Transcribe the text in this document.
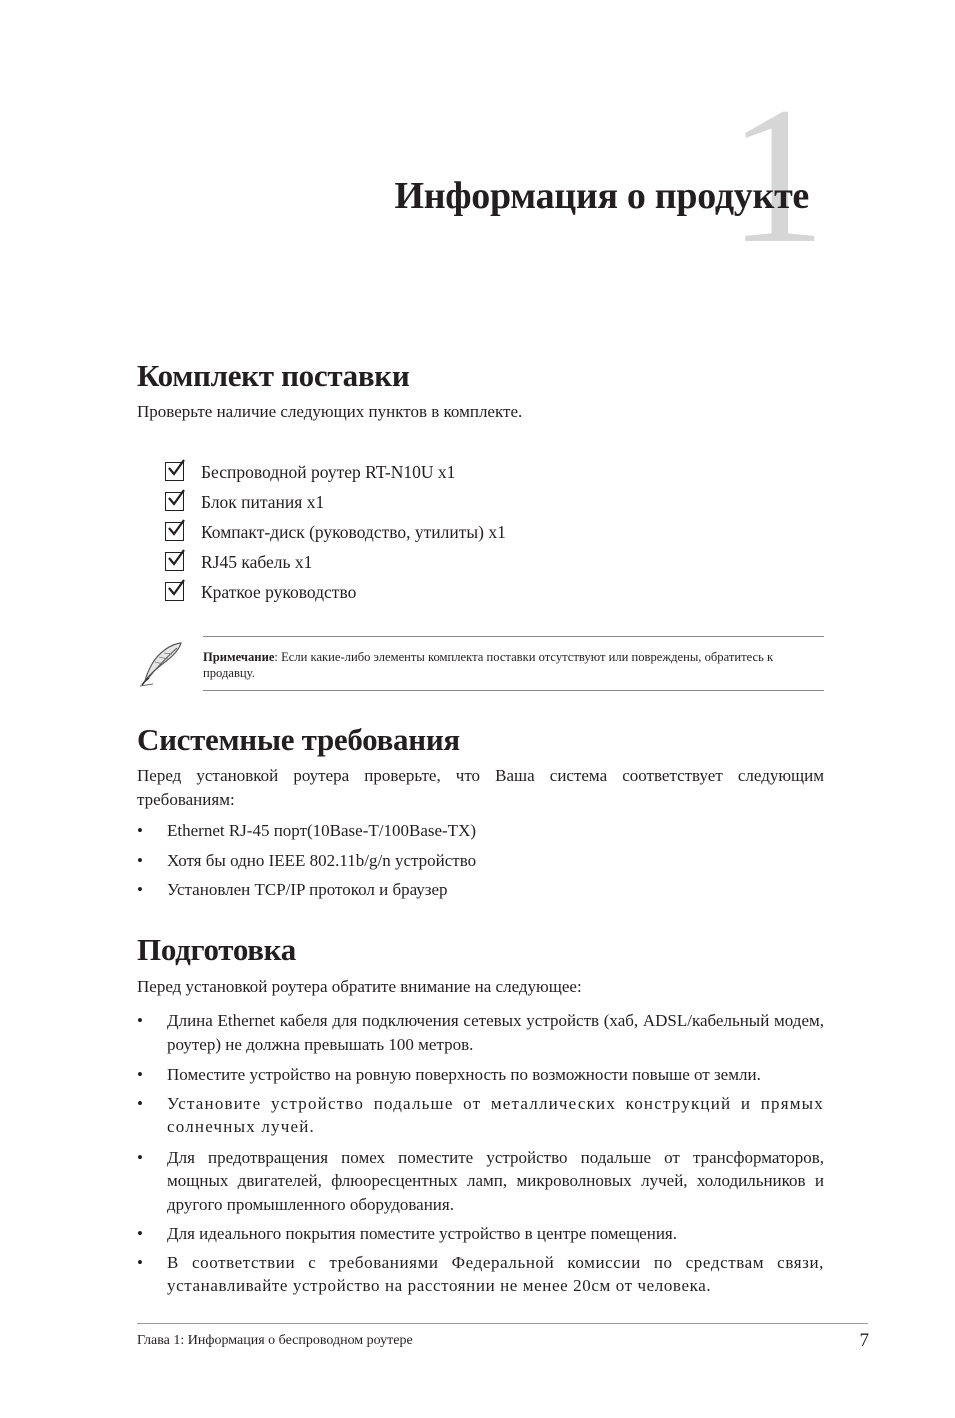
1
Информация о продукте
Комплект поставки
Проверьте наличие следующих пунктов в комплекте.
Беспроводной роутер RT-N10U x1
Блок питания x1
Компакт-диск (руководство, утилиты) x1
RJ45 кабель x1
Краткое руководство
Примечание: Если какие-либо элементы комплекта поставки отсутствуют или повреждены, обратитесь к продавцу.
Системные требования
Перед установкой роутера проверьте, что Ваша система соответствует следующим требованиям:
• Ethernet RJ-45 порт(10Base-T/100Base-TX)
• Хотя бы одно IEEE 802.11b/g/n устройство
• Установлен TCP/IP протокол и браузер
Подготовка
Перед установкой роутера обратите внимание на следующее:
• Длина Ethernet кабеля для подключения сетевых устройств (хаб, ADSL/кабельный модем, роутер) не должна превышать 100 метров.
• Поместите устройство на ровную поверхность по возможности повыше от земли.
• Установите устройство подальше от металлических конструкций и прямых солнечных лучей.
• Для предотвращения помех поместите устройство подальше от трансформаторов, мощных двигателей, флюоресцентных ламп, микроволновых лучей, холодильников и другого промышленного оборудования.
• Для идеального покрытия поместите устройство в центре помещения.
• В соответствии с требованиями Федеральной комиссии по средствам связи, устанавливайте устройство на расстоянии не менее 20см от человека.
Глава 1: Информация о беспроводном роутере	7
